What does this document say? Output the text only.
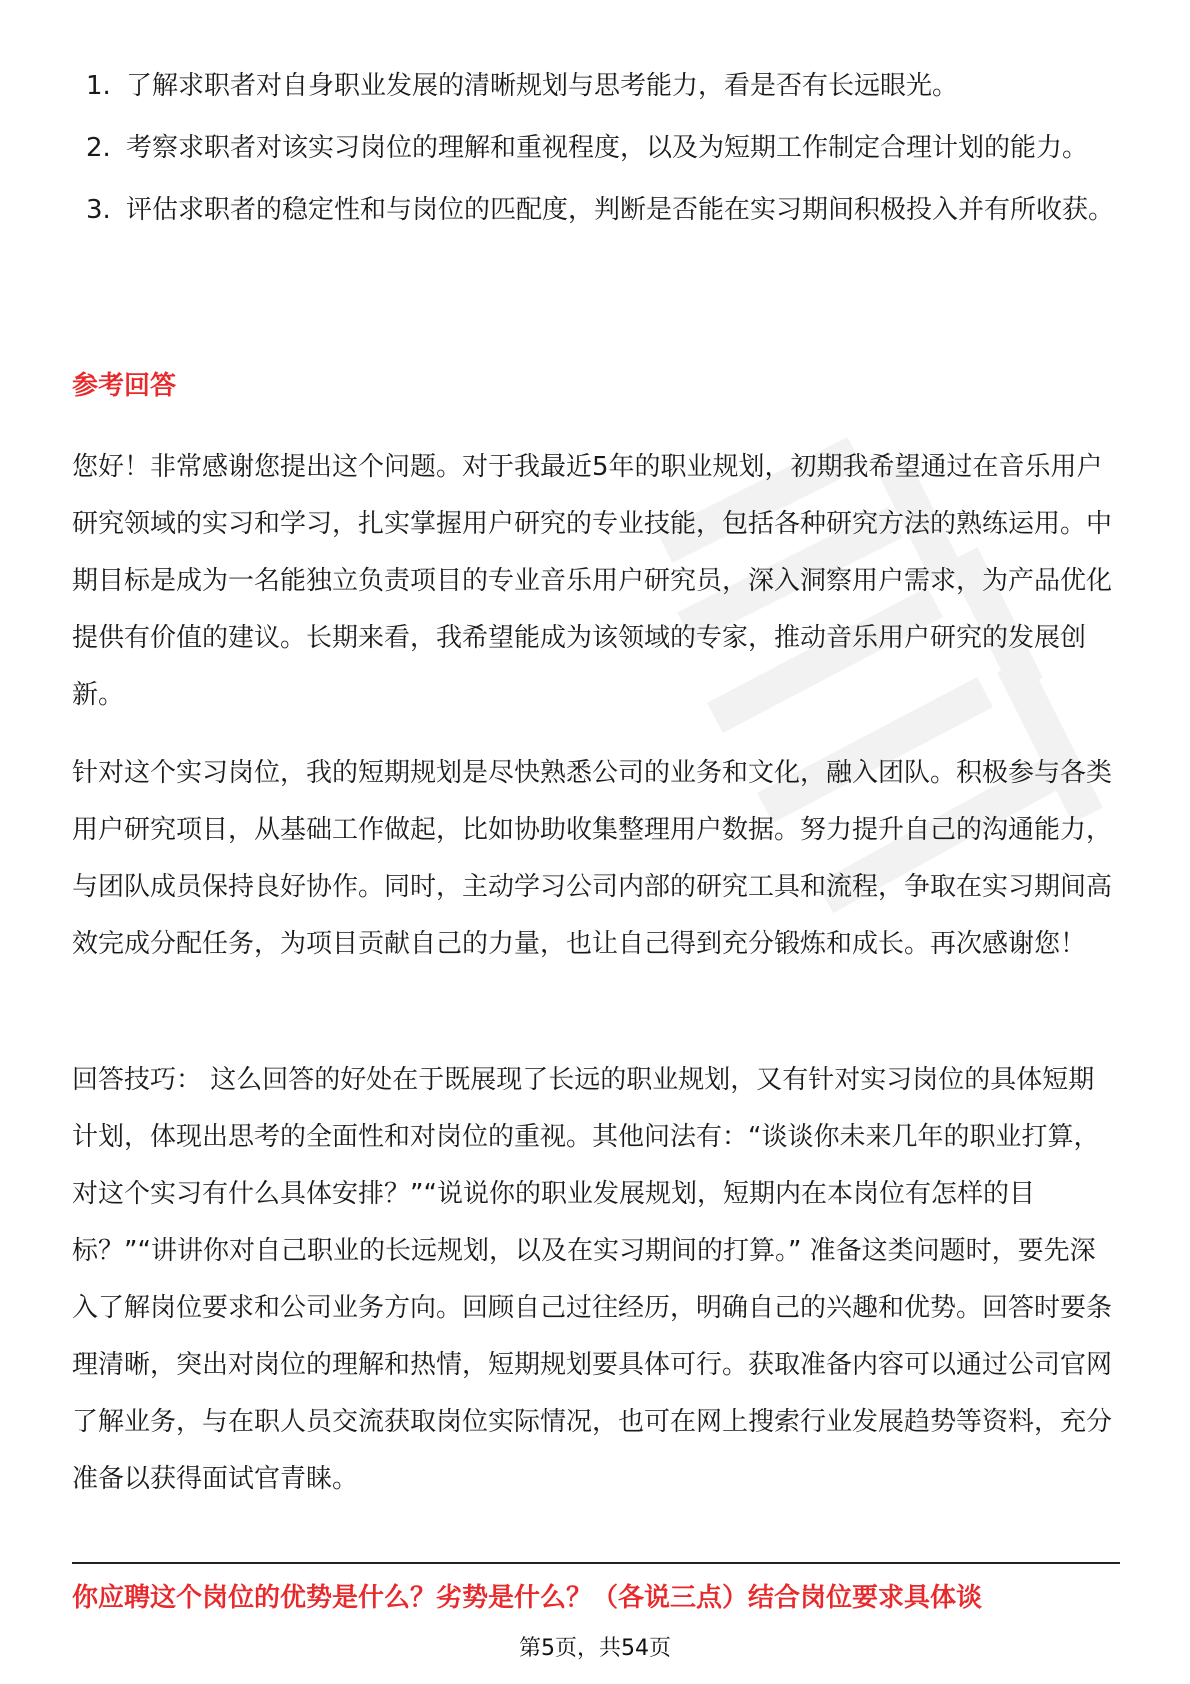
1. 了解求职者对自身职业发展的清晰规划与思考能力，看是否有长远眼光。
2. 考察求职者对该实习岗位的理解和重视程度，以及为短期工作制定合理计划的能力。
3. 评估求职者的稳定性和与岗位的匹配度，判断是否能在实习期间积极投入并有所收获。
参考回答

您好！非常感谢您提出这个问题。对于我最近5年的职业规划，初期我希望通过在音乐用户研究领域的实习和学习，扎实掌握用户研究的专业技能，包括各种研究方法的熟练运用。中期目标是成为一名能独立负责项目的专业音乐用户研究员，深入洞察用户需求，为产品优化提供有价值的建议。长期来看，我希望能成为该领域的专家，推动音乐用户研究的发展创新。

针对这个实习岗位，我的短期规划是尽快熟悉公司的业务和文化，融入团队。积极参与各类用户研究项目，从基础工作做起，比如协助收集整理用户数据。努力提升自己的沟通能力，与团队成员保持良好协作。同时，主动学习公司内部的研究工具和流程，争取在实习期间高效完成分配任务，为项目贡献自己的力量，也让自己得到充分锻炼和成长。再次感谢您！

回答技巧： 这么回答的好处在于既展现了长远的职业规划，又有针对实习岗位的具体短期计划，体现出思考的全面性和对岗位的重视。其他问法有：“谈谈你未来几年的职业打算，对这个实习有什么具体安排？”“说说你的职业发展规划，短期内在本岗位有怎样的目标？”“讲讲你对自己职业的长远规划，以及在实习期间的打算。” 准备这类问题时，要先深入了解岗位要求和公司业务方向。回顾自己过往经历，明确自己的兴趣和优势。回答时要条理清晰，突出对岗位的理解和热情，短期规划要具体可行。获取准备内容可以通过公司官网了解业务，与在职人员交流获取岗位实际情况，也可在网上搜索行业发展趋势等资料，充分准备以获得面试官青睐。

你应聘这个岗位的优势是什么？劣势是什么？（各说三点）结合岗位要求具体谈
第5页，共54页
